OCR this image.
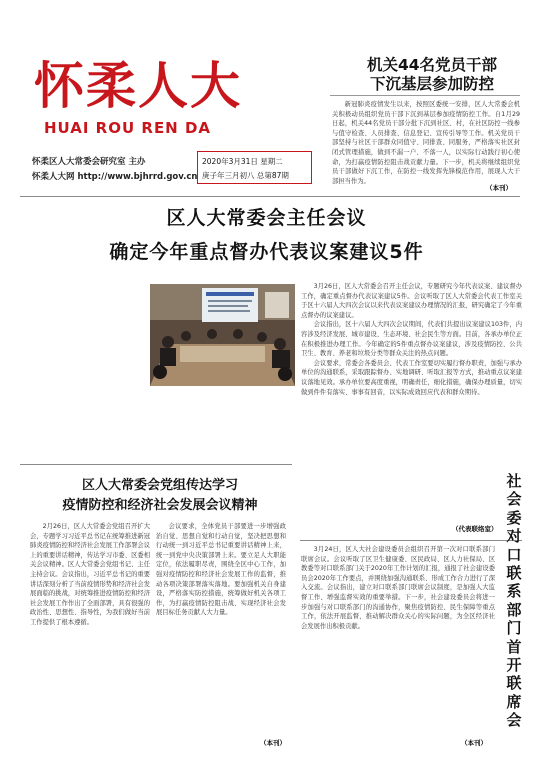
怀柔人大
HUAI ROU REN DA
怀柔区人大常委会研究室 主办
怀柔人大网 http://www.bjhrrd.gov.cn
2020年3月31日 星期二
庚子年三月初八 总第87期
机关44名党员干部
下沉基层参加防控

新冠肺炎疫情发生以来，按照区委统一安排，区人大常委会机关积极动员组织党员干部下沉到基层参加疫情防控工作。自1月29日起，机关44名党员干部分批下沉到社区、村，在社区防控一线参与值守检查、人员排查、信息登记、宣传引导等工作。机关党员干部坚持与社区干部群众同值守、同排查、同服务，严格落实社区封闭式管理措施，做到不漏一户、不落一人，以实际行动践行初心使命，为打赢疫情防控阻击战贡献力量。下一步，机关将继续组织党员干部做好下沉工作，在防控一线发挥先锋模范作用，展现人大干部担当作为。

（本刊）
区人大常委会主任会议
确定今年重点督办代表议案建议5件

3月26日，区人大常委会召开主任会议，专题研究今年代表议案、建议督办工作，确定重点督办代表议案建议5件。会议听取了区人大常委会代表工作室关于区十六届人大四次会议以来代表议案建议办理情况的汇报，研究确定了今年重点督办的议案建议。

会议指出，区十六届人大四次会议期间，代表们共提出议案建议103件，内容涉及经济发展、城市建设、生态环境、社会民生等方面。目前，各承办单位正在积极推进办理工作。今年确定的5件重点督办议案建议，涉及疫情防控、公共卫生、教育、养老和垃圾分类等群众关注的热点问题。

会议要求，常委会各委员会、代表工作室要切实履行督办职责，加强与承办单位的沟通联系，采取跟踪督办、实地调研、听取汇报等方式，推动重点议案建议落地见效。承办单位要高度重视，明确责任，细化措施，确保办理质量，切实做到件件有落实、事事有回音，以实际成效回应代表和群众期待。

（代表联络室）
区人大常委会党组传达学习
疫情防控和经济社会发展会议精神

2月26日，区人大常委会党组召开扩大会，专题学习习近平总书记在统筹推进新冠肺炎疫情防控和经济社会发展工作部署会议上的重要讲话精神，传达学习市委、区委相关会议精神。区人大常委会党组书记、主任主持会议。会议指出，习近平总书记的重要讲话深刻分析了当前疫情形势和经济社会发展面临的挑战，对统筹推进疫情防控和经济社会发展工作作出了全面部署，具有很强的政治性、思想性、指导性，为我们做好当前工作提供了根本遵循。

会议要求，全体党员干部要进一步增强政治自觉、思想自觉和行动自觉，坚决把思想和行动统一到习近平总书记重要讲话精神上来，统一到党中央决策部署上来。要立足人大职能定位，依法履职尽责，围绕全区中心工作，加强对疫情防控和经济社会发展工作的监督，推动各项决策部署落实落地。要加强机关自身建设，严格落实防控措施，统筹做好机关各项工作，为打赢疫情防控阻击战、实现经济社会发展目标任务贡献人大力量。

（本刊）

3月24日，区人大社会建设委员会组织召开第一次对口联系部门联席会议。会议听取了区卫生健康委、区民政局、区人力社保局、区教委等对口联系部门关于2020年工作计划的汇报，通报了社会建设委员会2020年工作要点，并围绕加强沟通联系、形成工作合力进行了深入交流。会议指出，建立对口联系部门联席会议制度，是加强人大监督工作、增强监督实效的重要举措。下一步，社会建设委员会将进一步加强与对口联系部门的沟通协作，聚焦疫情防控、民生保障等重点工作，依法开展监督，推动解决群众关心的实际问题，为全区经济社会发展作出积极贡献。

（本刊）
社会委对口联系部门首开联席会
